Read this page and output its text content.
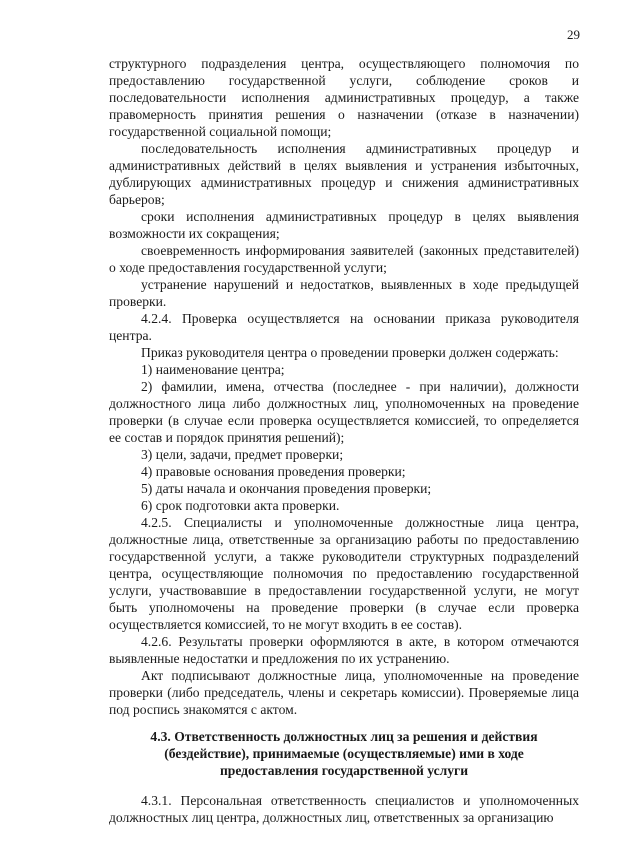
29

структурного подразделения центра, осуществляющего полномочия по предоставлению государственной услуги, соблюдение сроков и последовательности исполнения административных процедур, а также правомерность принятия решения о назначении (отказе в назначении) государственной социальной помощи;

последовательность исполнения административных процедур и административных действий в целях выявления и устранения избыточных, дублирующих административных процедур и снижения административных барьеров;

сроки исполнения административных процедур в целях выявления возможности их сокращения;

своевременность информирования заявителей (законных представителей) о ходе предоставления государственной услуги;

устранение нарушений и недостатков, выявленных в ходе предыдущей проверки.

4.2.4. Проверка осуществляется на основании приказа руководителя центра.

Приказ руководителя центра о проведении проверки должен содержать:

1) наименование центра;

2) фамилии, имена, отчества (последнее - при наличии), должности должностного лица либо должностных лиц, уполномоченных на проведение проверки (в случае если проверка осуществляется комиссией, то определяется ее состав и порядок принятия решений);

3) цели, задачи, предмет проверки;

4) правовые основания проведения проверки;

5) даты начала и окончания проведения проверки;

6) срок подготовки акта проверки.

4.2.5. Специалисты и уполномоченные должностные лица центра, должностные лица, ответственные за организацию работы по предоставлению государственной услуги, а также руководители структурных подразделений центра, осуществляющие полномочия по предоставлению государственной услуги, участвовавшие в предоставлении государственной услуги, не могут быть уполномочены на проведение проверки (в случае если проверка осуществляется комиссией, то не могут входить в ее состав).

4.2.6. Результаты проверки оформляются в акте, в котором отмечаются выявленные недостатки и предложения по их устранению.

Акт подписывают должностные лица, уполномоченные на проведение проверки (либо председатель, члены и секретарь комиссии). Проверяемые лица под роспись знакомятся с актом.

4.3. Ответственность должностных лиц за решения и действия (бездействие), принимаемые (осуществляемые) ими в ходе предоставления государственной услуги

4.3.1. Персональная ответственность специалистов и уполномоченных должностных лиц центра, должностных лиц, ответственных за организацию
